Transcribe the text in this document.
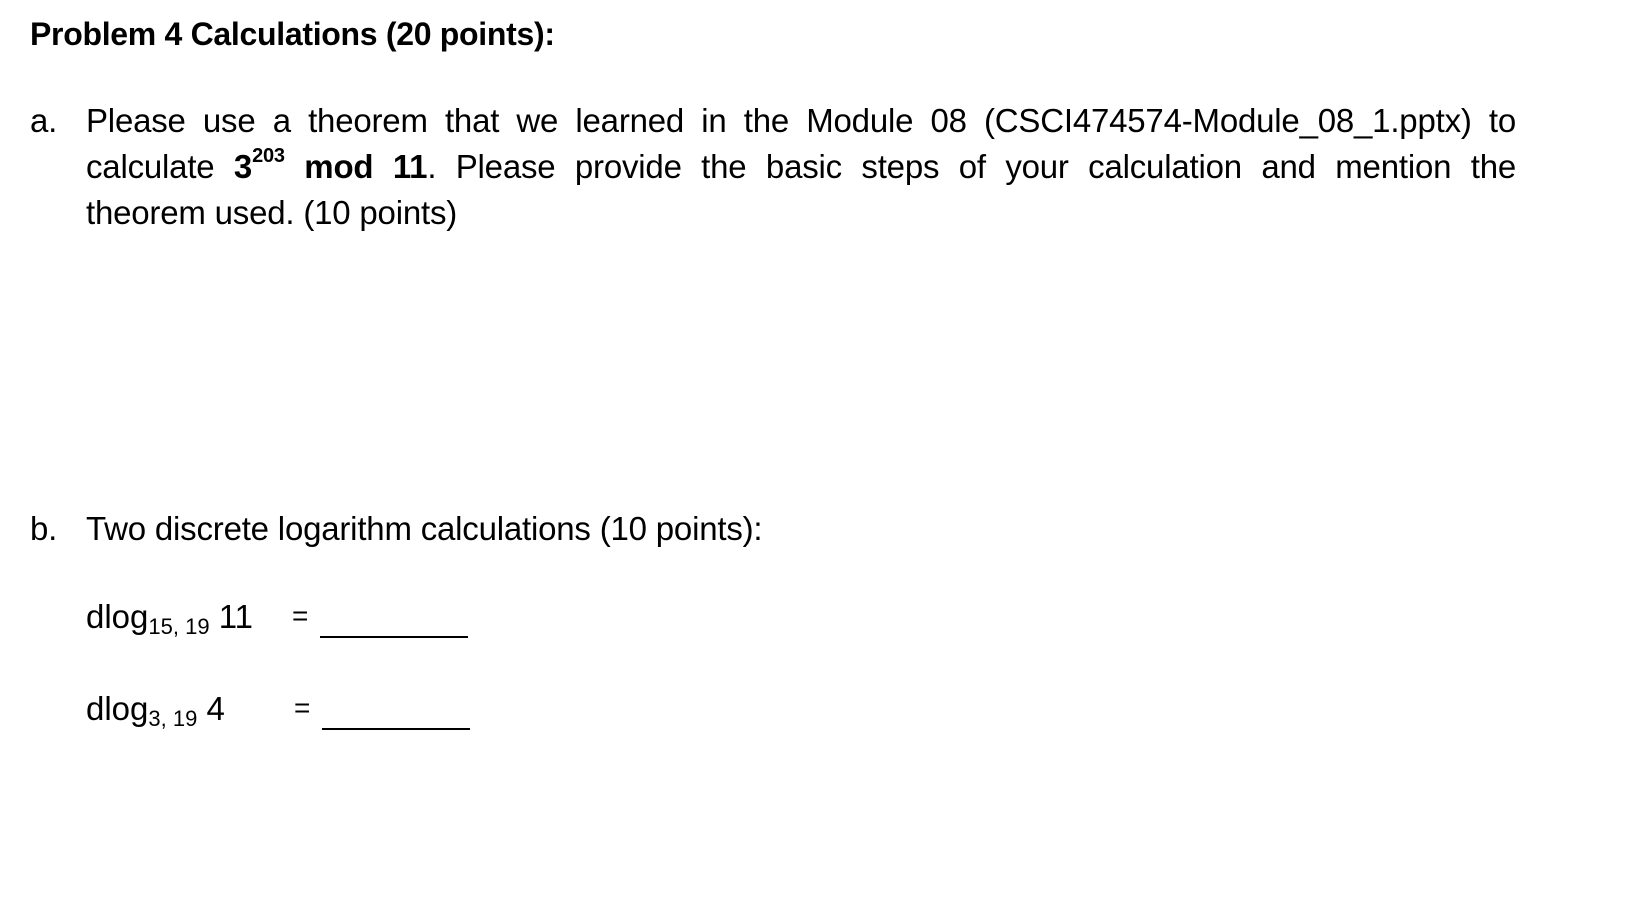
Problem 4 Calculations (20 points):
a. Please use a theorem that we learned in the Module 08 (CSCI474574-Module_08_1.pptx) to
calculate $3^{203}$ mod 11. Please provide the basic steps of your calculation and mention the
theorem used. (10 points)
b. Two discrete logarithm calculations (10 points):
dlog15, 19 11 =
dlog3, 19 4 =
